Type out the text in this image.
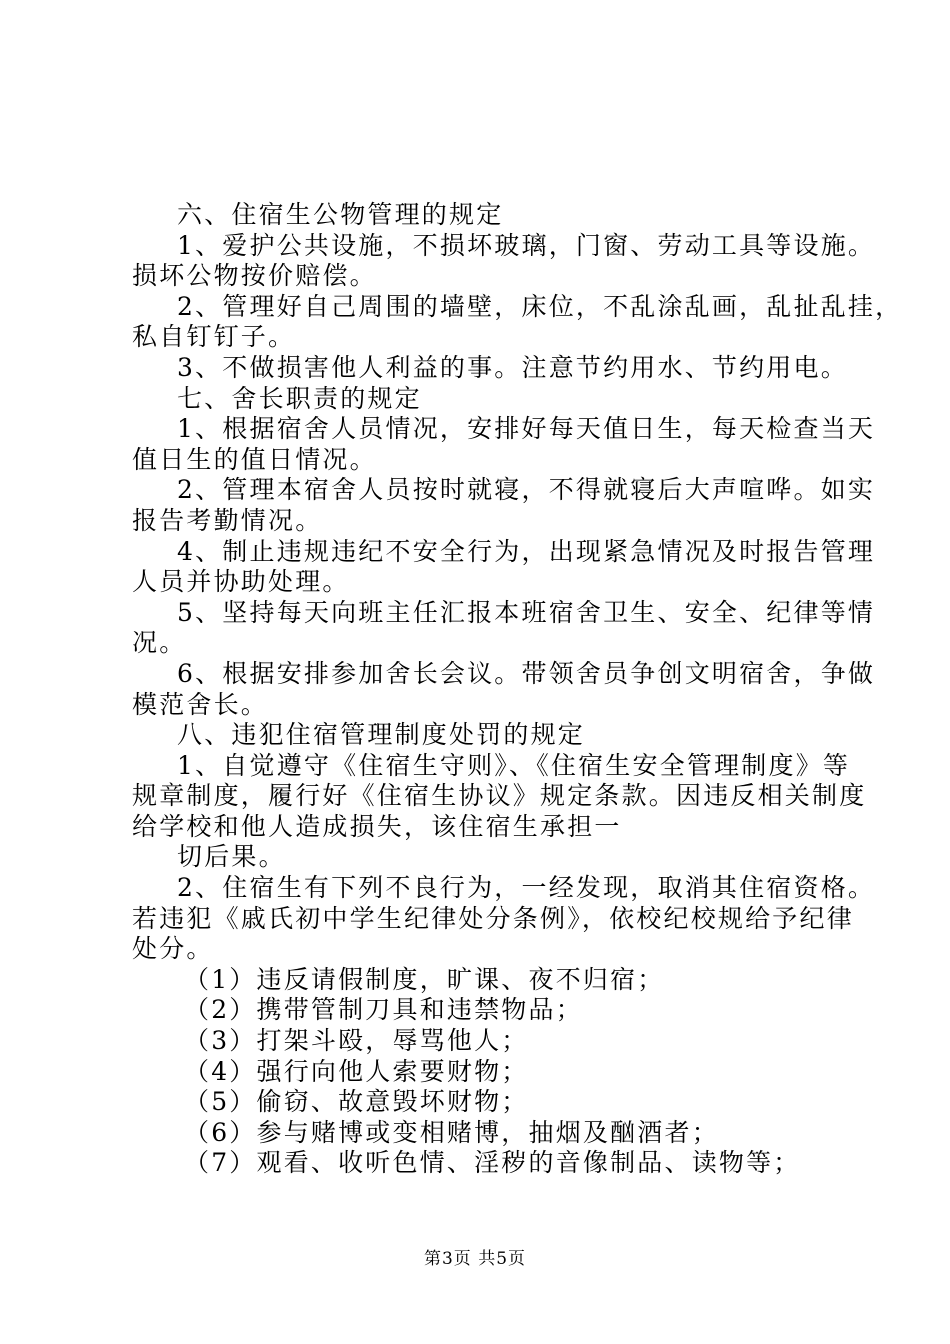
六、住宿生公物管理的规定
1、爱护公共设施，不损坏玻璃，门窗、劳动工具等设施。
损坏公物按价赔偿。
2、管理好自己周围的墙壁，床位，不乱涂乱画，乱扯乱挂，
私自钉钉子。
3、不做损害他人利益的事。注意节约用水、节约用电。
七、舍长职责的规定
1、根据宿舍人员情况，安排好每天值日生，每天检查当天
值日生的值日情况。
2、管理本宿舍人员按时就寝，不得就寝后大声喧哗。如实
报告考勤情况。
4、制止违规违纪不安全行为，出现紧急情况及时报告管理
人员并协助处理。
5、坚持每天向班主任汇报本班宿舍卫生、安全、纪律等情
况。
6、根据安排参加舍长会议。带领舍员争创文明宿舍，争做
模范舍长。
八、违犯住宿管理制度处罚的规定
1、自觉遵守《住宿生守则》、《住宿生安全管理制度》等
规章制度，履行好《住宿生协议》规定条款。因违反相关制度
给学校和他人造成损失，该住宿生承担一
切后果。
2、住宿生有下列不良行为，一经发现，取消其住宿资格。
若违犯《戚氏初中学生纪律处分条例》，依校纪校规给予纪律
处分。
（1）违反请假制度，旷课、夜不归宿；
（2）携带管制刀具和违禁物品；
（3）打架斗殴，辱骂他人；
（4）强行向他人索要财物；
（5）偷窃、故意毁坏财物；
（6）参与赌博或变相赌博，抽烟及酗酒者；
（7）观看、收听色情、淫秽的音像制品、读物等；
第3页 共5页
